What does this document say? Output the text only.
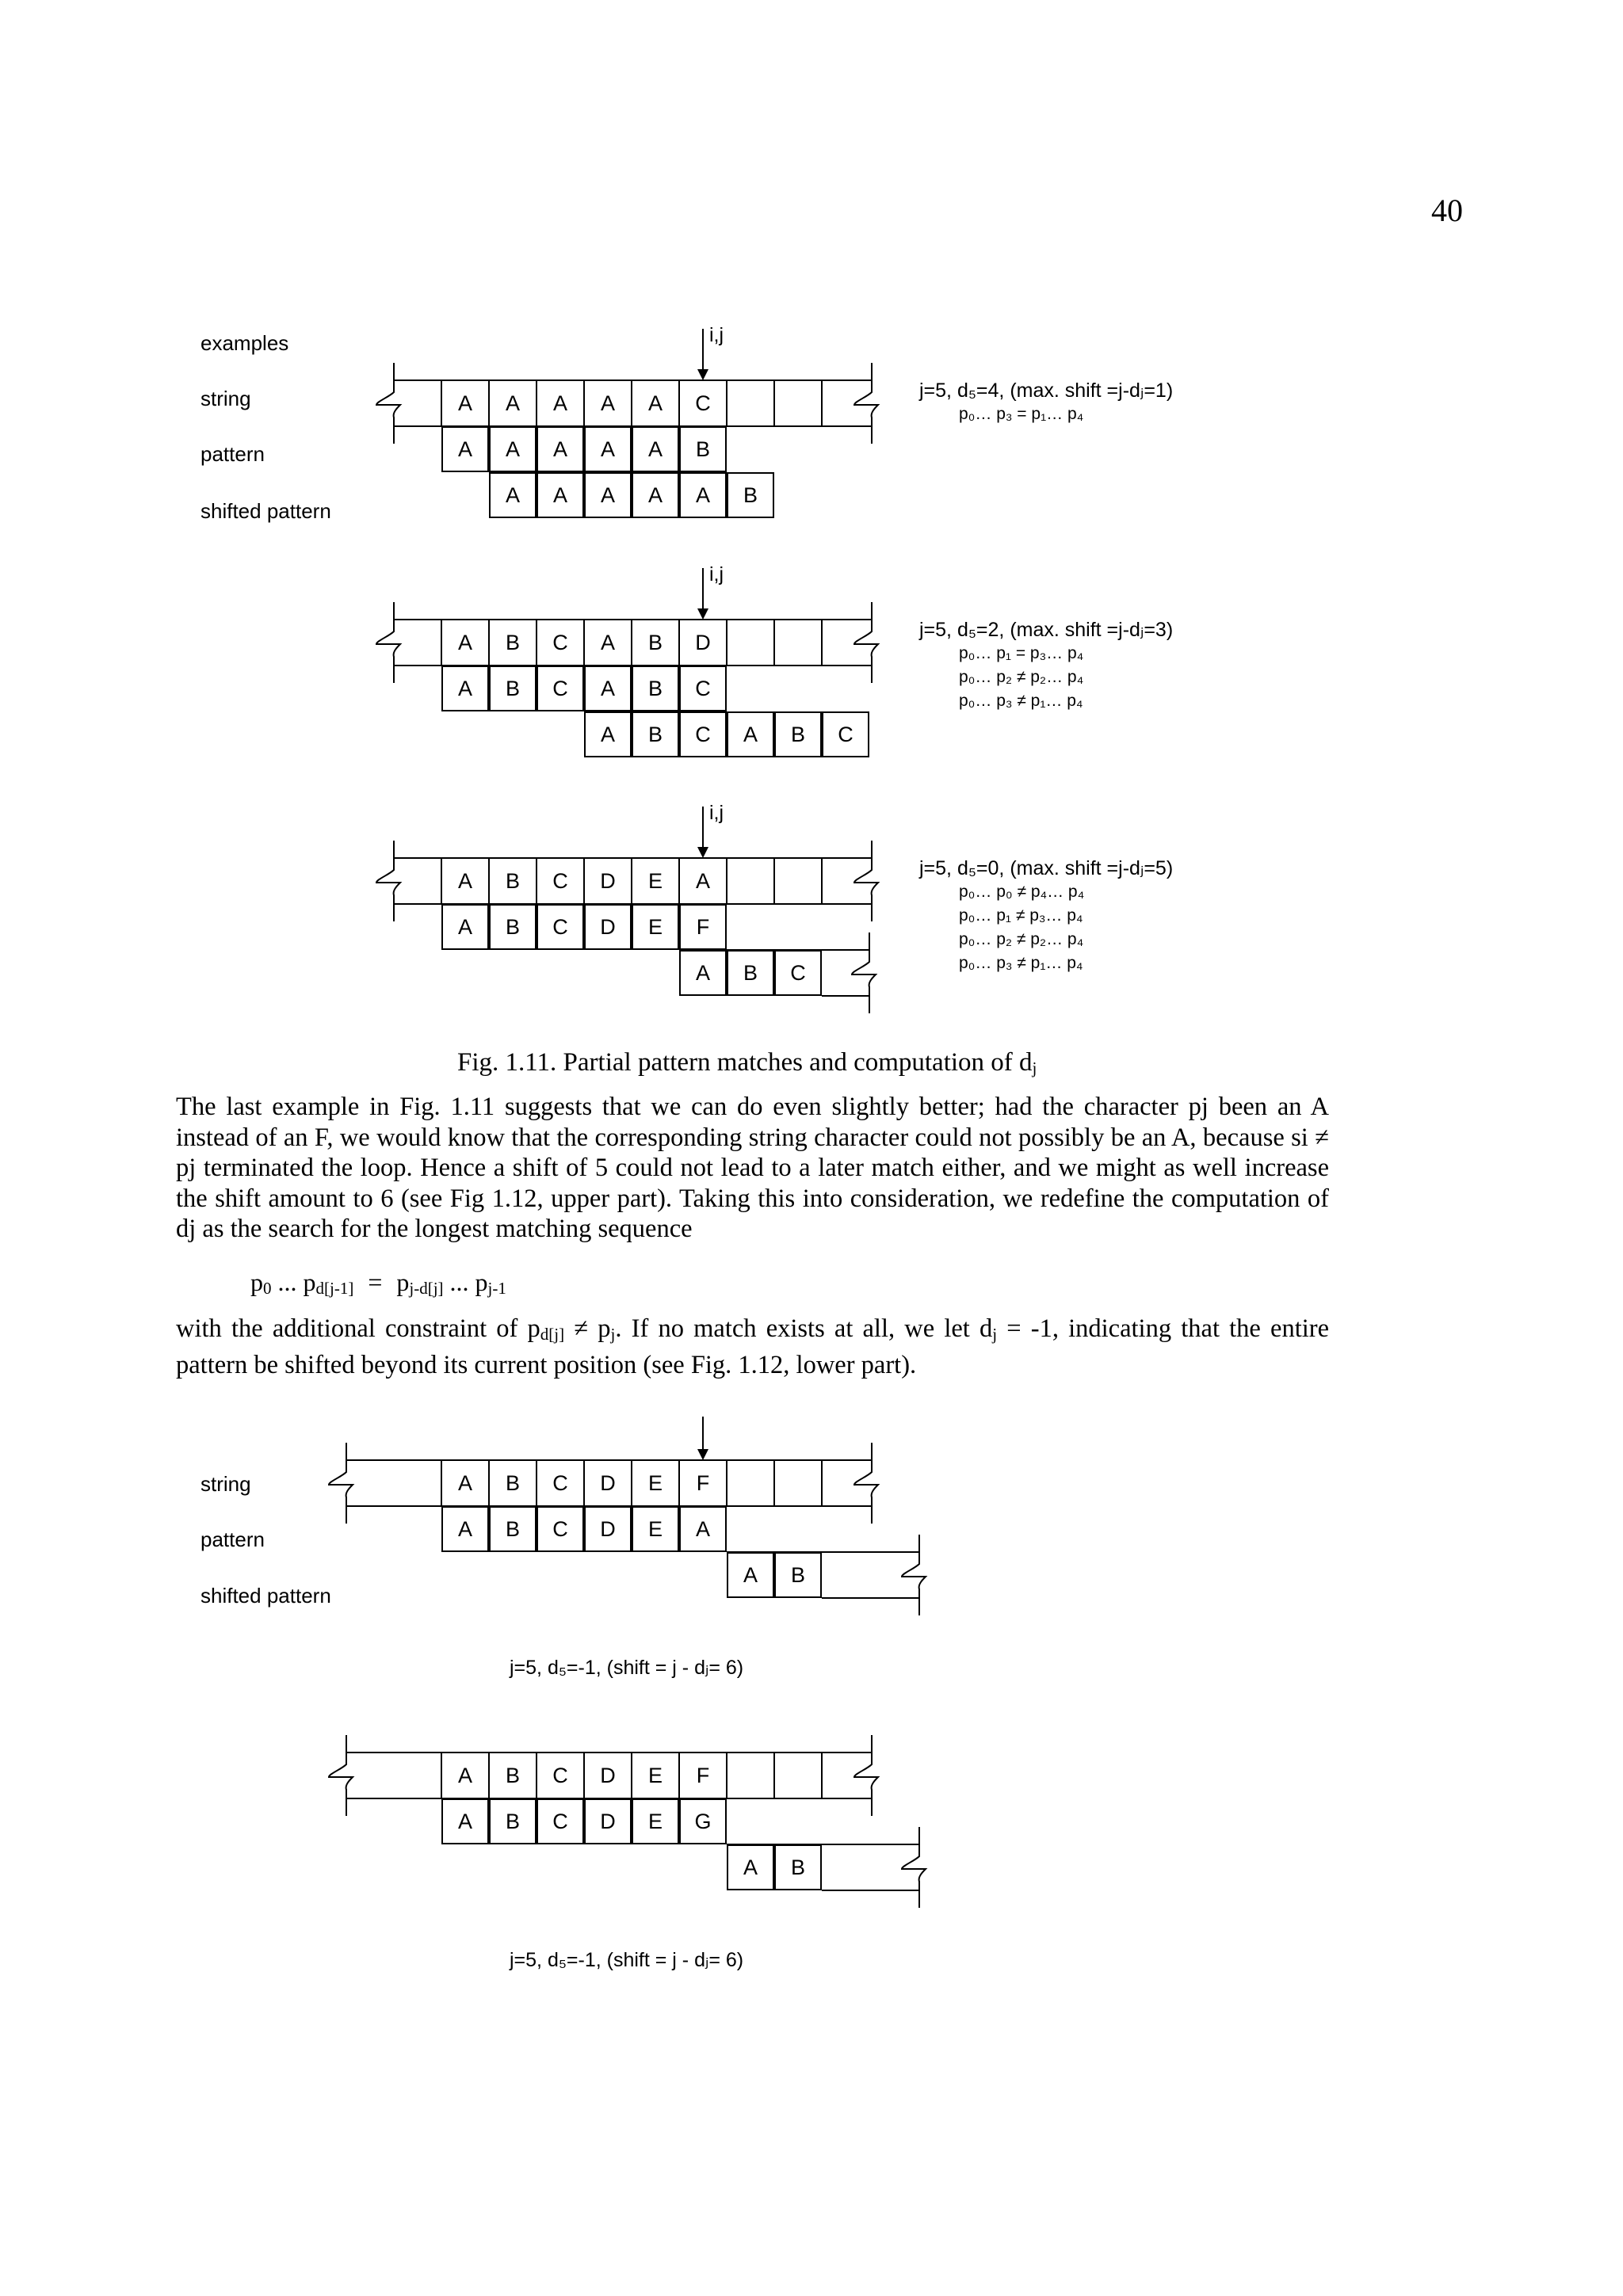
40
examples
string
pattern
shifted pattern
A	A	A	A	A	C
A	A	A	A	A	B
A	A	A	A	A	B
i,j
j=5, d₅=4, (max. shift =j-dⱼ=1)
p₀… p₃ = p₁… p₄
A	B	C	A	B	D
A	B	C	A	B	C
A	B	C	A	B	C
i,j
j=5, d₅=2, (max. shift =j-dⱼ=3)
p₀… p₁ = p₃… p₄
p₀… p₂ ≠ p₂… p₄
p₀… p₃ ≠ p₁… p₄
A	B	C	D	E	A
A	B	C	D	E	F
A	B	C
i,j
j=5, d₅=0, (max. shift =j-dⱼ=5)
p₀… p₀ ≠ p₄… p₄
p₀… p₁ ≠ p₃… p₄
p₀… p₂ ≠ p₂… p₄
p₀… p₃ ≠ p₁… p₄
Fig. 1.11. Partial pattern matches and computation of dj
The last example in Fig. 1.11 suggests that we can do even slightly better; had the character pj been an A instead of an F, we would know that the corresponding string character could not possibly be an A, because si ≠ pj terminated the loop. Hence a shift of 5 could not lead to a later match either, and we might as well increase the shift amount to 6 (see Fig 1.12, upper part). Taking this into consideration, we redefine the computation of dj as the search for the longest matching sequence
p0 ... pd[j-1] = pj-d[j] ... pj-1
with the additional constraint of pd[j] ≠ pj. If no match exists at all, we let dj = -1, indicating that the entire pattern be shifted beyond its current position (see Fig. 1.12, lower part).
string
pattern
shifted pattern
A	B	C	D	E	F
A	B	C	D	E	A
A	B
A	B	C	D	E	F
A	B	C	D	E	G
A	B
j=5, d₅=-1, (shift = j - dⱼ= 6)
j=5, d₅=-1, (shift = j - dⱼ= 6)
